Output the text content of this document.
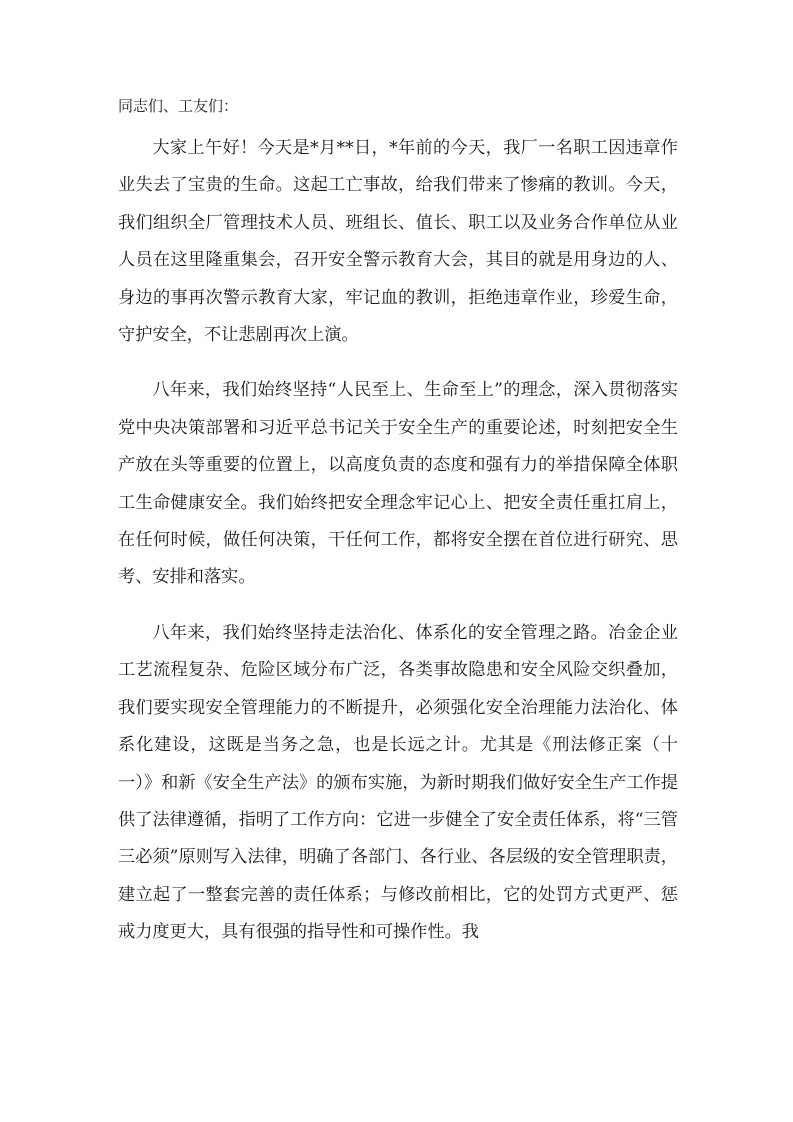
同志们、工友们：

大家上午好！今天是*月**日，*年前的今天，我厂一名职工因违章作业失去了宝贵的生命。这起工亡事故，给我们带来了惨痛的教训。今天，我们组织全厂管理技术人员、班组长、值长、职工以及业务合作单位从业人员在这里隆重集会，召开安全警示教育大会，其目的就是用身边的人、身边的事再次警示教育大家，牢记血的教训，拒绝违章作业，珍爱生命，守护安全，不让悲剧再次上演。

八年来，我们始终坚持“人民至上、生命至上”的理念，深入贯彻落实党中央决策部署和习近平总书记关于安全生产的重要论述，时刻把安全生产放在头等重要的位置上，以高度负责的态度和强有力的举措保障全体职工生命健康安全。我们始终把安全理念牢记心上、把安全责任重扛肩上，在任何时候，做任何决策，干任何工作，都将安全摆在首位进行研究、思考、安排和落实。

八年来，我们始终坚持走法治化、体系化的安全管理之路。冶金企业工艺流程复杂、危险区域分布广泛，各类事故隐患和安全风险交织叠加，我们要实现安全管理能力的不断提升，必须强化安全治理能力法治化、体系化建设，这既是当务之急，也是长远之计。尤其是《刑法修正案（十一）》和新《安全生产法》的颁布实施，为新时期我们做好安全生产工作提供了法律遵循，指明了工作方向：它进一步健全了安全责任体系，将“三管三必须”原则写入法律，明确了各部门、各行业、各层级的安全管理职责，建立起了一整套完善的责任体系；与修改前相比，它的处罚方式更严、惩戒力度更大，具有很强的指导性和可操作性。我
